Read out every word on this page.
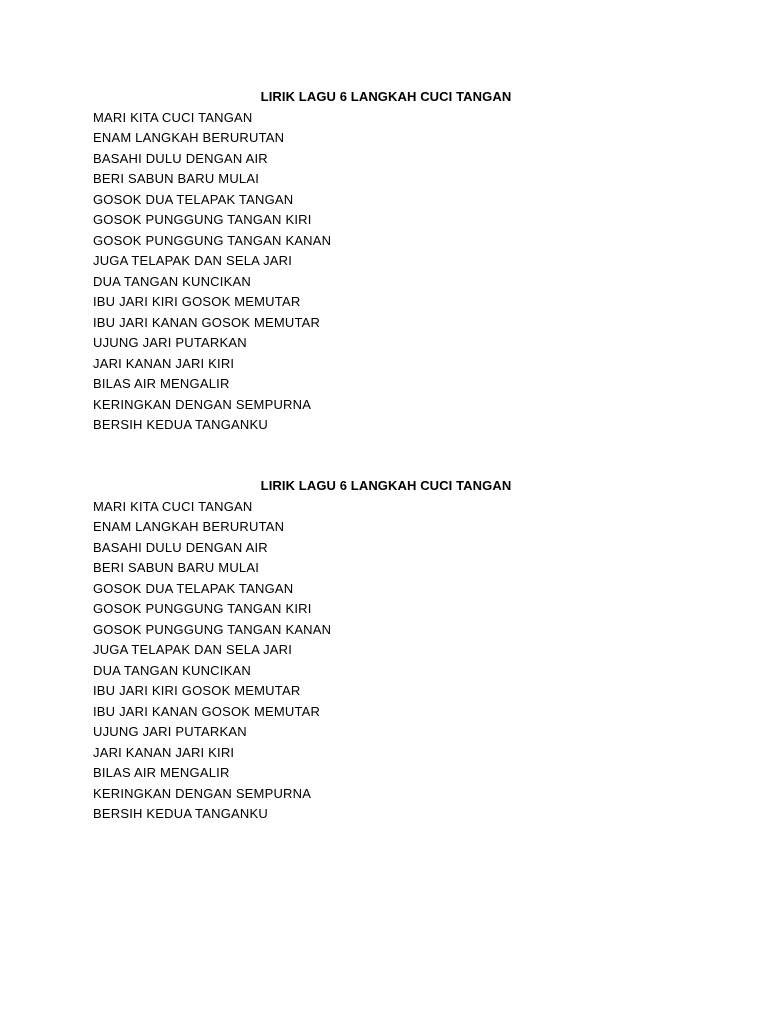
LIRIK LAGU 6 LANGKAH CUCI TANGAN
MARI KITA CUCI TANGAN
ENAM LANGKAH BERURUTAN
BASAHI DULU DENGAN AIR
BERI SABUN BARU MULAI
GOSOK DUA TELAPAK TANGAN
GOSOK PUNGGUNG TANGAN KIRI
GOSOK PUNGGUNG TANGAN KANAN
JUGA TELAPAK DAN SELA JARI
DUA TANGAN KUNCIKAN
IBU JARI KIRI GOSOK MEMUTAR
IBU JARI KANAN GOSOK MEMUTAR
UJUNG JARI PUTARKAN
JARI KANAN JARI KIRI
BILAS AIR MENGALIR
KERINGKAN DENGAN SEMPURNA
BERSIH KEDUA TANGANKU
LIRIK LAGU 6 LANGKAH CUCI TANGAN
MARI KITA CUCI TANGAN
ENAM LANGKAH BERURUTAN
BASAHI DULU DENGAN AIR
BERI SABUN BARU MULAI
GOSOK DUA TELAPAK TANGAN
GOSOK PUNGGUNG TANGAN KIRI
GOSOK PUNGGUNG TANGAN KANAN
JUGA TELAPAK DAN SELA JARI
DUA TANGAN KUNCIKAN
IBU JARI KIRI GOSOK MEMUTAR
IBU JARI KANAN GOSOK MEMUTAR
UJUNG JARI PUTARKAN
JARI KANAN JARI KIRI
BILAS AIR MENGALIR
KERINGKAN DENGAN SEMPURNA
BERSIH KEDUA TANGANKU
